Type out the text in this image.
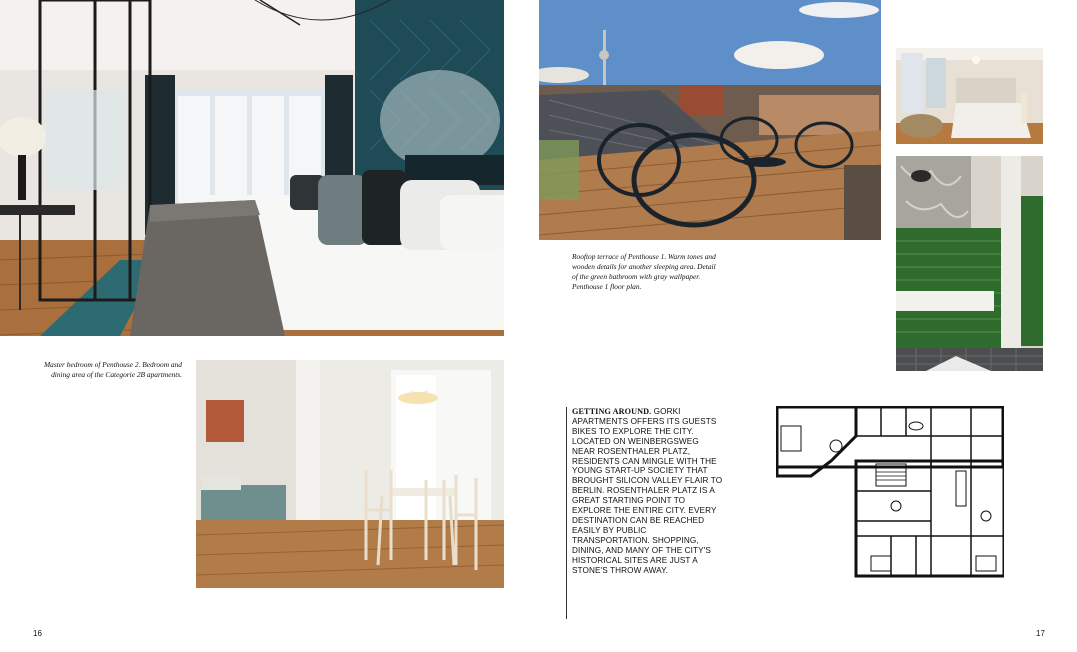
Master bedroom of Penthouse 2. Bedroom and dining area of the Categorie 2B apartments.
Rooftop terrace of Penthouse 1. Warm tones and wooden details for another sleeping area. Detail of the green bathroom with gray wallpaper. Penthouse 1 floor plan.
GETTING AROUND. GORKI APARTMENTS OFFERS ITS GUESTS BIKES TO EXPLORE THE CITY. LOCATED ON WEINBERGSWEG NEAR ROSENTHALER PLATZ, RESIDENTS CAN MINGLE WITH THE YOUNG START-UP SOCIETY THAT BROUGHT SILICON VALLEY FLAIR TO BERLIN. ROSENTHALER PLATZ IS A GREAT STARTING POINT TO EXPLORE THE ENTIRE CITY. EVERY DESTINATION CAN BE REACHED EASILY BY PUBLIC TRANSPORTATION. SHOPPING, DINING, AND MANY OF THE CITY'S HISTORICAL SITES ARE JUST A STONE'S THROW AWAY.
16	17
